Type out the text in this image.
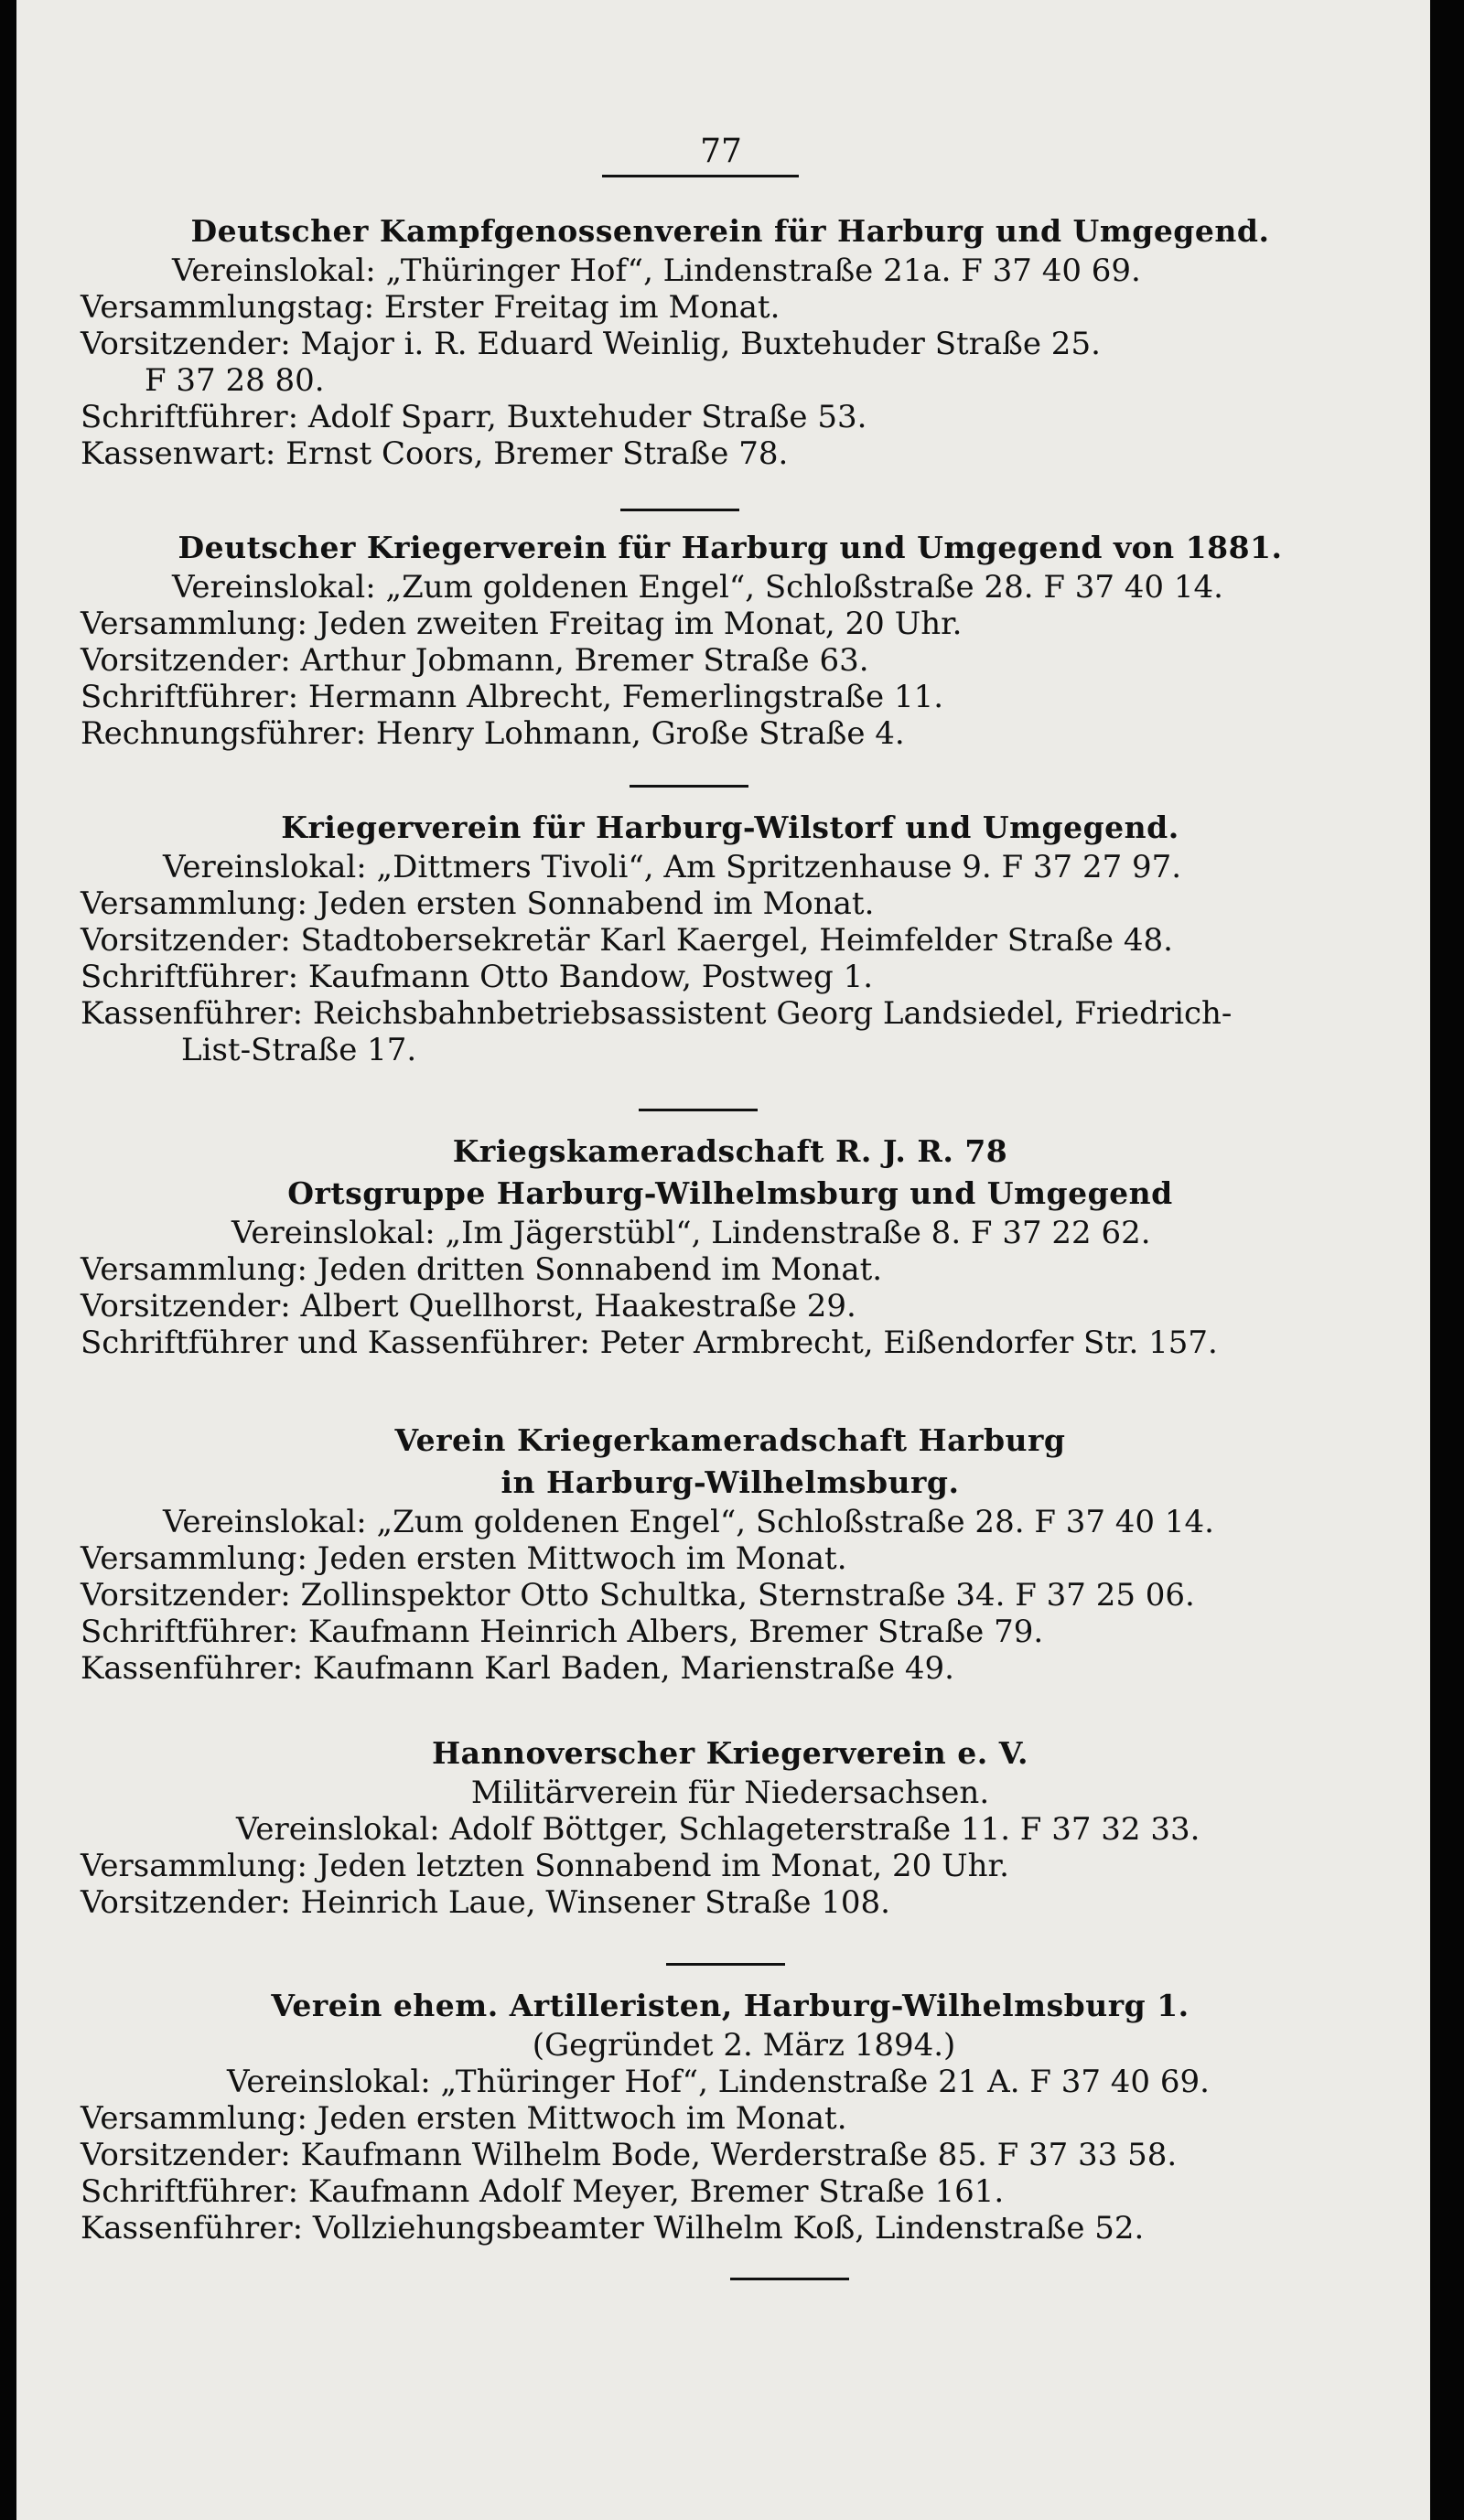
77
Deutscher Kampfgenossenverein für Harburg und Umgegend.
Vereinslokal: „Thüringer Hof“, Lindenstraße 21a. F 37 40 69.
Versammlungstag: Erster Freitag im Monat.
Vorsitzender: Major i. R. Eduard Weinlig, Buxtehuder Straße 25.
F 37 28 80.
Schriftführer: Adolf Sparr, Buxtehuder Straße 53.
Kassenwart: Ernst Coors, Bremer Straße 78.
Deutscher Kriegerverein für Harburg und Umgegend von 1881.
Vereinslokal: „Zum goldenen Engel“, Schloßstraße 28. F 37 40 14.
Versammlung: Jeden zweiten Freitag im Monat, 20 Uhr.
Vorsitzender: Arthur Jobmann, Bremer Straße 63.
Schriftführer: Hermann Albrecht, Femerlingstraße 11.
Rechnungsführer: Henry Lohmann, Große Straße 4.
Kriegerverein für Harburg-Wilstorf und Umgegend.
Vereinslokal: „Dittmers Tivoli“, Am Spritzenhause 9. F 37 27 97.
Versammlung: Jeden ersten Sonnabend im Monat.
Vorsitzender: Stadtobersekretär Karl Kaergel, Heimfelder Straße 48.
Schriftführer: Kaufmann Otto Bandow, Postweg 1.
Kassenführer: Reichsbahnbetriebsassistent Georg Landsiedel, Friedrich-
List-Straße 17.
Kriegskameradschaft R. J. R. 78
Ortsgruppe Harburg-Wilhelmsburg und Umgegend
Vereinslokal: „Im Jägerstübl“, Lindenstraße 8. F 37 22 62.
Versammlung: Jeden dritten Sonnabend im Monat.
Vorsitzender: Albert Quellhorst, Haakestraße 29.
Schriftführer und Kassenführer: Peter Armbrecht, Eißendorfer Str. 157.
Verein Kriegerkameradschaft Harburg
in Harburg-Wilhelmsburg.
Vereinslokal: „Zum goldenen Engel“, Schloßstraße 28. F 37 40 14.
Versammlung: Jeden ersten Mittwoch im Monat.
Vorsitzender: Zollinspektor Otto Schultka, Sternstraße 34. F 37 25 06.
Schriftführer: Kaufmann Heinrich Albers, Bremer Straße 79.
Kassenführer: Kaufmann Karl Baden, Marienstraße 49.
Hannoverscher Kriegerverein e. V.
Militärverein für Niedersachsen.
Vereinslokal: Adolf Böttger, Schlageterstraße 11. F 37 32 33.
Versammlung: Jeden letzten Sonnabend im Monat, 20 Uhr.
Vorsitzender: Heinrich Laue, Winsener Straße 108.
Verein ehem. Artilleristen, Harburg-Wilhelmsburg 1.
(Gegründet 2. März 1894.)
Vereinslokal: „Thüringer Hof“, Lindenstraße 21 A. F 37 40 69.
Versammlung: Jeden ersten Mittwoch im Monat.
Vorsitzender: Kaufmann Wilhelm Bode, Werderstraße 85. F 37 33 58.
Schriftführer: Kaufmann Adolf Meyer, Bremer Straße 161.
Kassenführer: Vollziehungsbeamter Wilhelm Koß, Lindenstraße 52.
